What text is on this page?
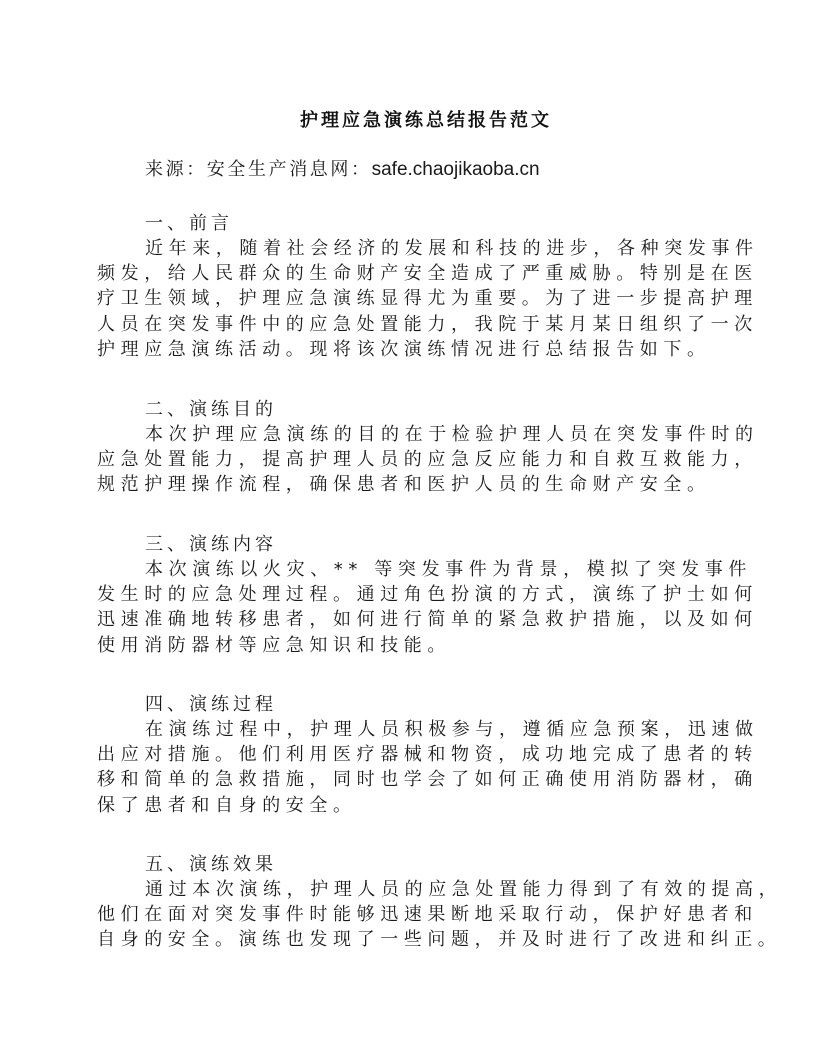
护理应急演练总结报告范文
来源：安全生产消息网：safe.chaojikaoba.cn
一、前言
近年来，随着社会经济的发展和科技的进步，各种突发事件
频发，给人民群众的生命财产安全造成了严重威胁。特别是在医
疗卫生领域，护理应急演练显得尤为重要。为了进一步提高护理
人员在突发事件中的应急处置能力，我院于某月某日组织了一次
护理应急演练活动。现将该次演练情况进行总结报告如下。
二、演练目的
本次护理应急演练的目的在于检验护理人员在突发事件时的
应急处置能力，提高护理人员的应急反应能力和自救互救能力，
规范护理操作流程，确保患者和医护人员的生命财产安全。
三、演练内容
本次演练以火灾、** 等突发事件为背景，模拟了突发事件
发生时的应急处理过程。通过角色扮演的方式，演练了护士如何
迅速准确地转移患者，如何进行简单的紧急救护措施，以及如何
使用消防器材等应急知识和技能。
四、演练过程
在演练过程中，护理人员积极参与，遵循应急预案，迅速做
出应对措施。他们利用医疗器械和物资，成功地完成了患者的转
移和简单的急救措施，同时也学会了如何正确使用消防器材，确
保了患者和自身的安全。
五、演练效果
通过本次演练，护理人员的应急处置能力得到了有效的提高，
他们在面对突发事件时能够迅速果断地采取行动，保护好患者和
自身的安全。演练也发现了一些问题，并及时进行了改进和纠正。
